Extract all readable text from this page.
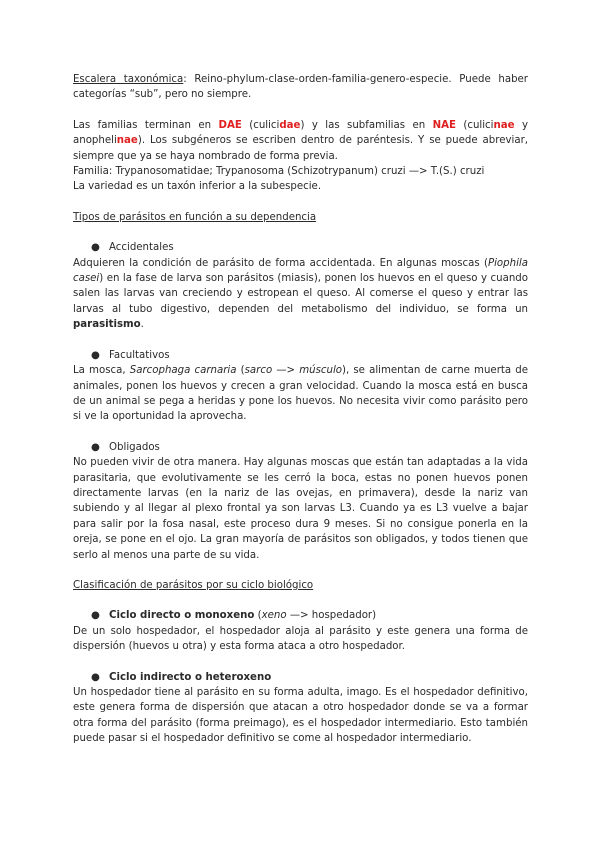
Escalera taxonómica: Reino-phylum-clase-orden-familia-genero-especie. Puede haber categorías “sub”, pero no siempre.

Las familias terminan en DAE (culicidae) y las subfamilias en NAE (culicinae y anophelinae). Los subgéneros se escriben dentro de paréntesis. Y se puede abreviar, siempre que ya se haya nombrado de forma previa.

Familia: Trypanosomatidae; Trypanosoma (Schizotrypanum) cruzi —> T.(S.) cruzi

La variedad es un taxón inferior a la subespecie.

Tipos de parásitos en función a su dependencia

● Accidentales

Adquieren la condición de parásito de forma accidentada. En algunas moscas (Piophila casei) en la fase de larva son parásitos (miasis), ponen los huevos en el queso y cuando salen las larvas van creciendo y estropean el queso. Al comerse el queso y entrar las larvas al tubo digestivo, dependen del metabolismo del individuo, se forma un parasitismo.

● Facultativos

La mosca, Sarcophaga carnaria (sarco —> músculo), se alimentan de carne muerta de animales, ponen los huevos y crecen a gran velocidad. Cuando la mosca está en busca de un animal se pega a heridas y pone los huevos. No necesita vivir como parásito pero si ve la oportunidad la aprovecha.

● Obligados

No pueden vivir de otra manera. Hay algunas moscas que están tan adaptadas a la vida parasitaria, que evolutivamente se les cerró la boca, estas no ponen huevos ponen directamente larvas (en la nariz de las ovejas, en primavera), desde la nariz van subiendo y al llegar al plexo frontal ya son larvas L3. Cuando ya es L3 vuelve a bajar para salir por la fosa nasal, este proceso dura 9 meses. Si no consigue ponerla en la oreja, se pone en el ojo. La gran mayoría de parásitos son obligados, y todos tienen que serlo al menos una parte de su vida.

Clasificación de parásitos por su ciclo biológico

● Ciclo directo o monoxeno (xeno —> hospedador)

De un solo hospedador, el hospedador aloja al parásito y este genera una forma de dispersión (huevos u otra) y esta forma ataca a otro hospedador.

● Ciclo indirecto o heteroxeno

Un hospedador tiene al parásito en su forma adulta, imago. Es el hospedador definitivo, este genera forma de dispersión que atacan a otro hospedador donde se va a formar otra forma del parásito (forma preimago), es el hospedador intermediario. Esto también puede pasar si el hospedador definitivo se come al hospedador intermediario.
